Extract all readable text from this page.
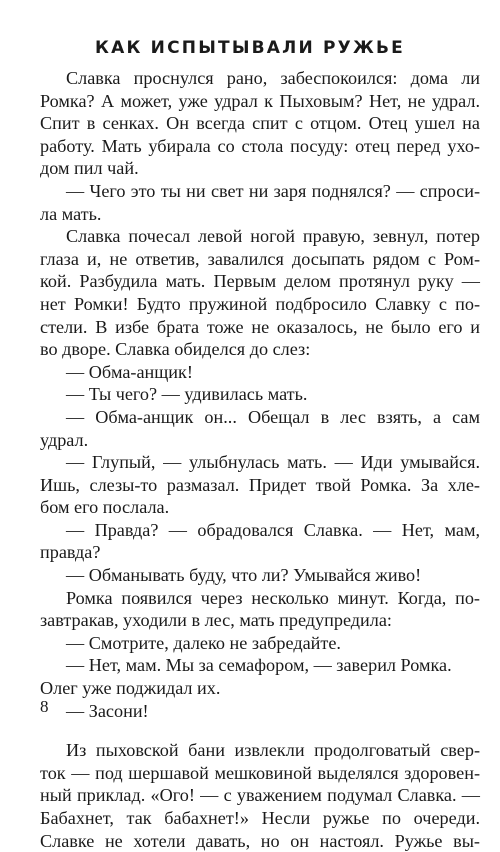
КАК ИСПЫТЫВАЛИ РУЖЬЕ
Славка проснулся рано, забеспокоился: дома ли
Ромка? А может, уже удрал к Пыховым? Нет, не удрал.
Спит в сенках. Он всегда спит с отцом. Отец ушел на
работу. Мать убирала со стола посуду: отец перед ухо-
дом пил чай.
— Чего это ты ни свет ни заря поднялся? — спроси-
ла мать.
Славка почесал левой ногой правую, зевнул, потер
глаза и, не ответив, завалился досыпать рядом с Ром-
кой. Разбудила мать. Первым делом протянул руку —
нет Ромки! Будто пружиной подбросило Славку с по-
стели. В избе брата тоже не оказалось, не было его и
во дворе. Славка обиделся до слез:
— Обма-анщик!
— Ты чего? — удивилась мать.
— Обма-анщик он... Обещал в лес взять, а сам
удрал.
— Глупый, — улыбнулась мать. — Иди умывайся.
Ишь, слезы-то размазал. Придет твой Ромка. За хле-
бом его послала.
— Правда? — обрадовался Славка. — Нет, мам,
правда?
— Обманывать буду, что ли? Умывайся живо!
Ромка появился через несколько минут. Когда, по-
завтракав, уходили в лес, мать предупредила:
— Смотрите, далеко не забредайте.
— Нет, мам. Мы за семафором, — заверил Ромка.
Олег уже поджидал их.
— Засони!
Из пыховской бани извлекли продолговатый свер-
ток — под шершавой мешковиной выделялся здоровен-
ный приклад. «Ого! — с уважением подумал Славка. —
Бабахнет, так бабахнет!» Несли ружье по очереди.
Славке не хотели давать, но он настоял. Ружье вы-
8
